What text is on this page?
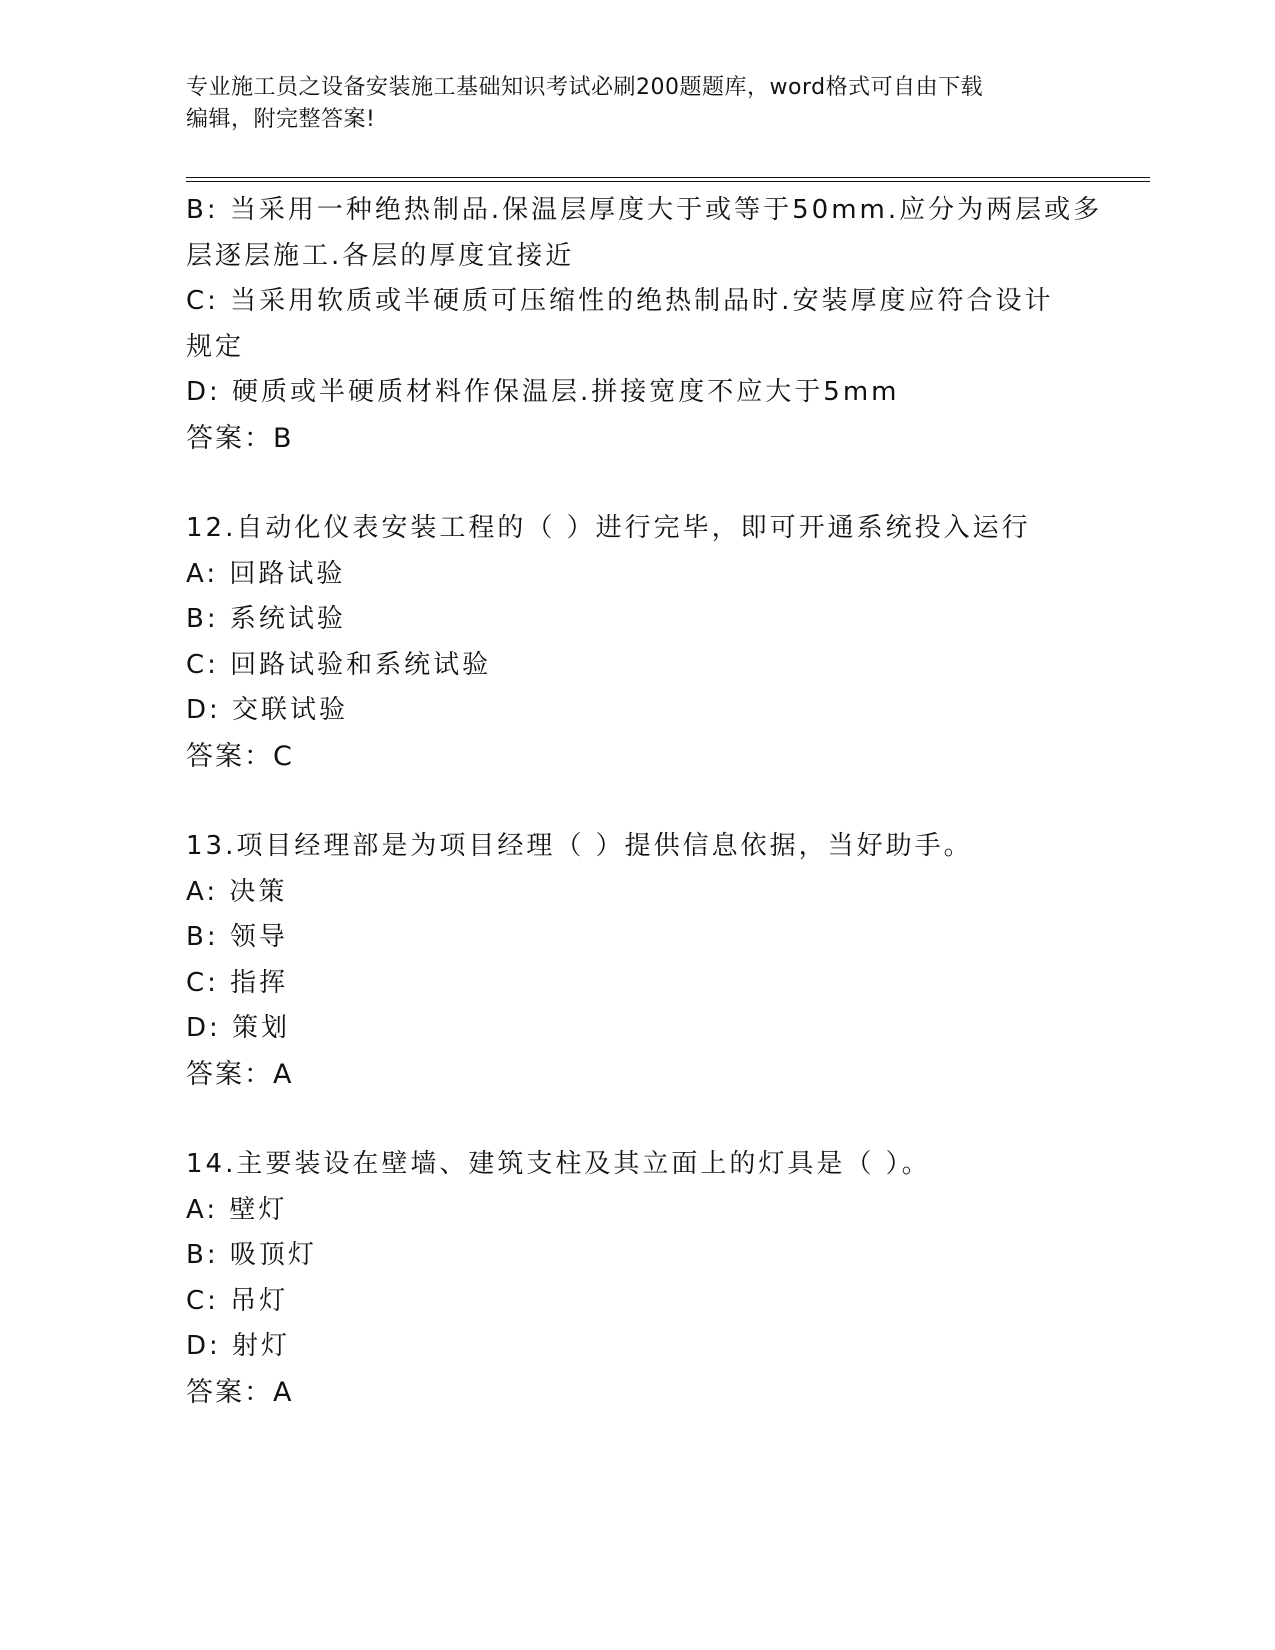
专业施工员之设备安装施工基础知识考试必刷200题题库，word格式可自由下载
编辑，附完整答案!
B: 当采用一种绝热制品.保温层厚度大于或等于50mm.应分为两层或多
层逐层施工.各层的厚度宜接近
C: 当采用软质或半硬质可压缩性的绝热制品时.安装厚度应符合设计
规定
D: 硬质或半硬质材料作保温层.拼接宽度不应大于5mm
答案：B
12.自动化仪表安装工程的（ ）进行完毕，即可开通系统投入运行
A: 回路试验
B: 系统试验
C: 回路试验和系统试验
D: 交联试验
答案：C
13.项目经理部是为项目经理（ ）提供信息依据，当好助手。
A: 决策
B: 领导
C: 指挥
D: 策划
答案：A
14.主要装设在壁墙、建筑支柱及其立面上的灯具是（ ）。
A: 壁灯
B: 吸顶灯
C: 吊灯
D: 射灯
答案：A
